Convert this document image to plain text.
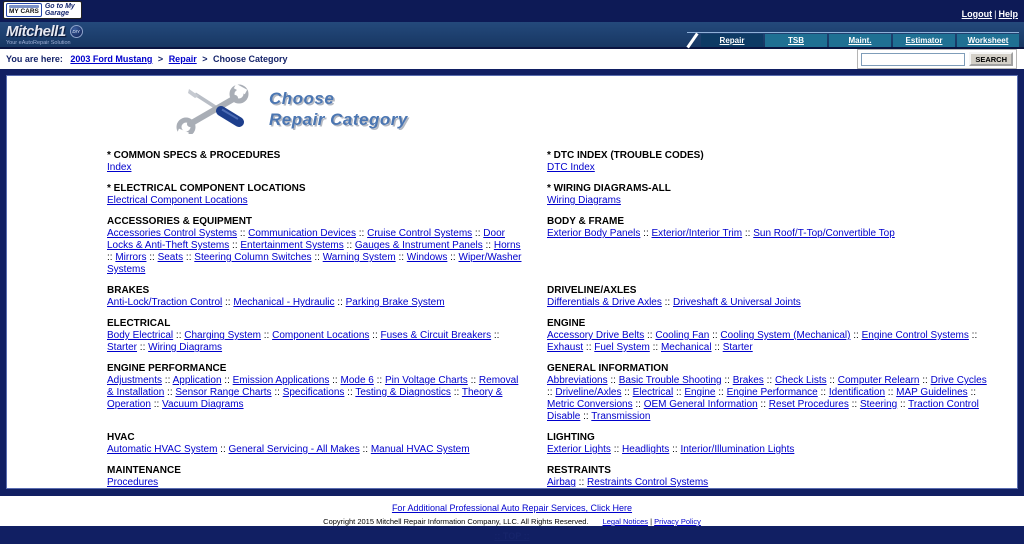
MY CARS
Go to My Garage	Logout | Help
Mitchell1	DIY
Your eAutoRepair Solution	Repair	TSB	Maint.	Estimator	Worksheet
You are here: 2003 Ford Mustang > Repair > Choose Category	SEARCH
Choose
Repair Category
* COMMON SPECS & PROCEDURES
Index
* DTC INDEX (TROUBLE CODES)
DTC Index
* ELECTRICAL COMPONENT LOCATIONS
Electrical Component Locations
* WIRING DIAGRAMS-ALL
Wiring Diagrams
ACCESSORIES & EQUIPMENT
Accessories Control Systems :: Communication Devices :: Cruise Control Systems :: Door Locks & Anti-Theft Systems :: Entertainment Systems :: Gauges & Instrument Panels :: Horns :: Mirrors :: Seats :: Steering Column Switches :: Warning System :: Windows :: Wiper/Washer Systems
BODY & FRAME
Exterior Body Panels :: Exterior/Interior Trim :: Sun Roof/T-Top/Convertible Top
BRAKES
Anti-Lock/Traction Control :: Mechanical - Hydraulic :: Parking Brake System
DRIVELINE/AXLES
Differentials & Drive Axles :: Driveshaft & Universal Joints
ELECTRICAL
Body Electrical :: Charging System :: Component Locations :: Fuses & Circuit Breakers :: Starter :: Wiring Diagrams
ENGINE
Accessory Drive Belts :: Cooling Fan :: Cooling System (Mechanical) :: Engine Control Systems :: Exhaust :: Fuel System :: Mechanical :: Starter
ENGINE PERFORMANCE
Adjustments :: Application :: Emission Applications :: Mode 6 :: Pin Voltage Charts :: Removal & Installation :: Sensor Range Charts :: Specifications :: Testing & Diagnostics :: Theory & Operation :: Vacuum Diagrams
GENERAL INFORMATION
Abbreviations :: Basic Trouble Shooting :: Brakes :: Check Lists :: Computer Relearn :: Drive Cycles :: Driveline/Axles :: Electrical :: Engine :: Engine Performance :: Identification :: MAP Guidelines :: Metric Conversions :: OEM General Information :: Reset Procedures :: Steering :: Traction Control Disable :: Transmission
HVAC
Automatic HVAC System :: General Servicing - All Makes :: Manual HVAC System
LIGHTING
Exterior Lights :: Headlights :: Interior/Illumination Lights
MAINTENANCE
Procedures
RESTRAINTS
Airbag :: Restraints Control Systems
For Additional Professional Auto Repair Services, Click Here
Copyright 2015 Mitchell Repair Information Company, LLC. All Rights Reserved. Legal Notices | Privacy Policy
:: TOP ::
